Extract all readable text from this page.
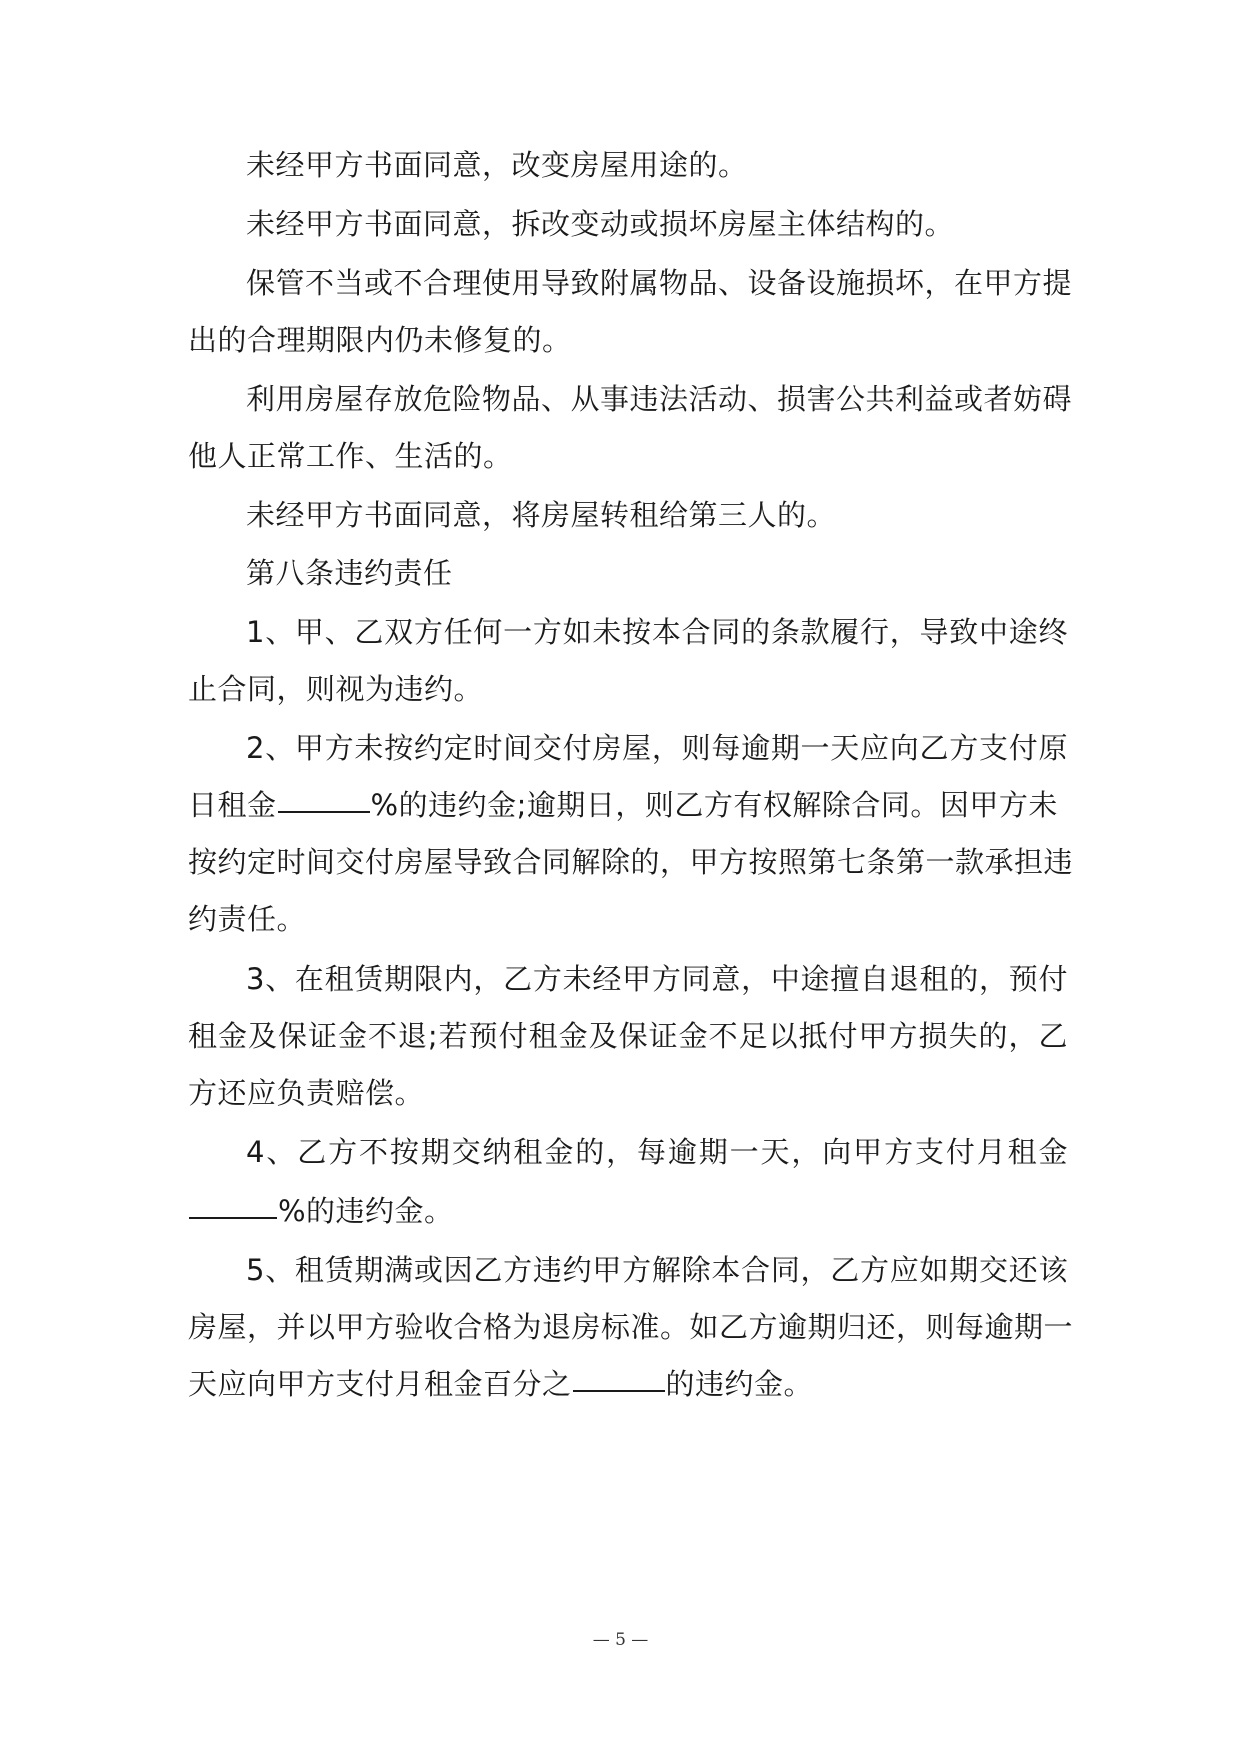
未经甲方书面同意，改变房屋用途的。
未经甲方书面同意，拆改变动或损坏房屋主体结构的。
保管不当或不合理使用导致附属物品、设备设施损坏，在甲方提
出的合理期限内仍未修复的。
利用房屋存放危险物品、从事违法活动、损害公共利益或者妨碍
他人正常工作、生活的。
未经甲方书面同意，将房屋转租给第三人的。
第八条违约责任
1、甲、乙双方任何一方如未按本合同的条款履行，导致中途终
止合同，则视为违约。
2、甲方未按约定时间交付房屋，则每逾期一天应向乙方支付原
日租金	%的违约金;逾期日，则乙方有权解除合同。因甲方未
按约定时间交付房屋导致合同解除的，甲方按照第七条第一款承担违
约责任。
3、在租赁期限内，乙方未经甲方同意，中途擅自退租的，预付
租金及保证金不退;若预付租金及保证金不足以抵付甲方损失的，乙
方还应负责赔偿。
4、乙方不按期交纳租金的，每逾期一天，向甲方支付月租金
%的违约金。
5、租赁期满或因乙方违约甲方解除本合同，乙方应如期交还该
房屋，并以甲方验收合格为退房标准。如乙方逾期归还，则每逾期一
天应向甲方支付月租金百分之	的违约金。
— 5 —
